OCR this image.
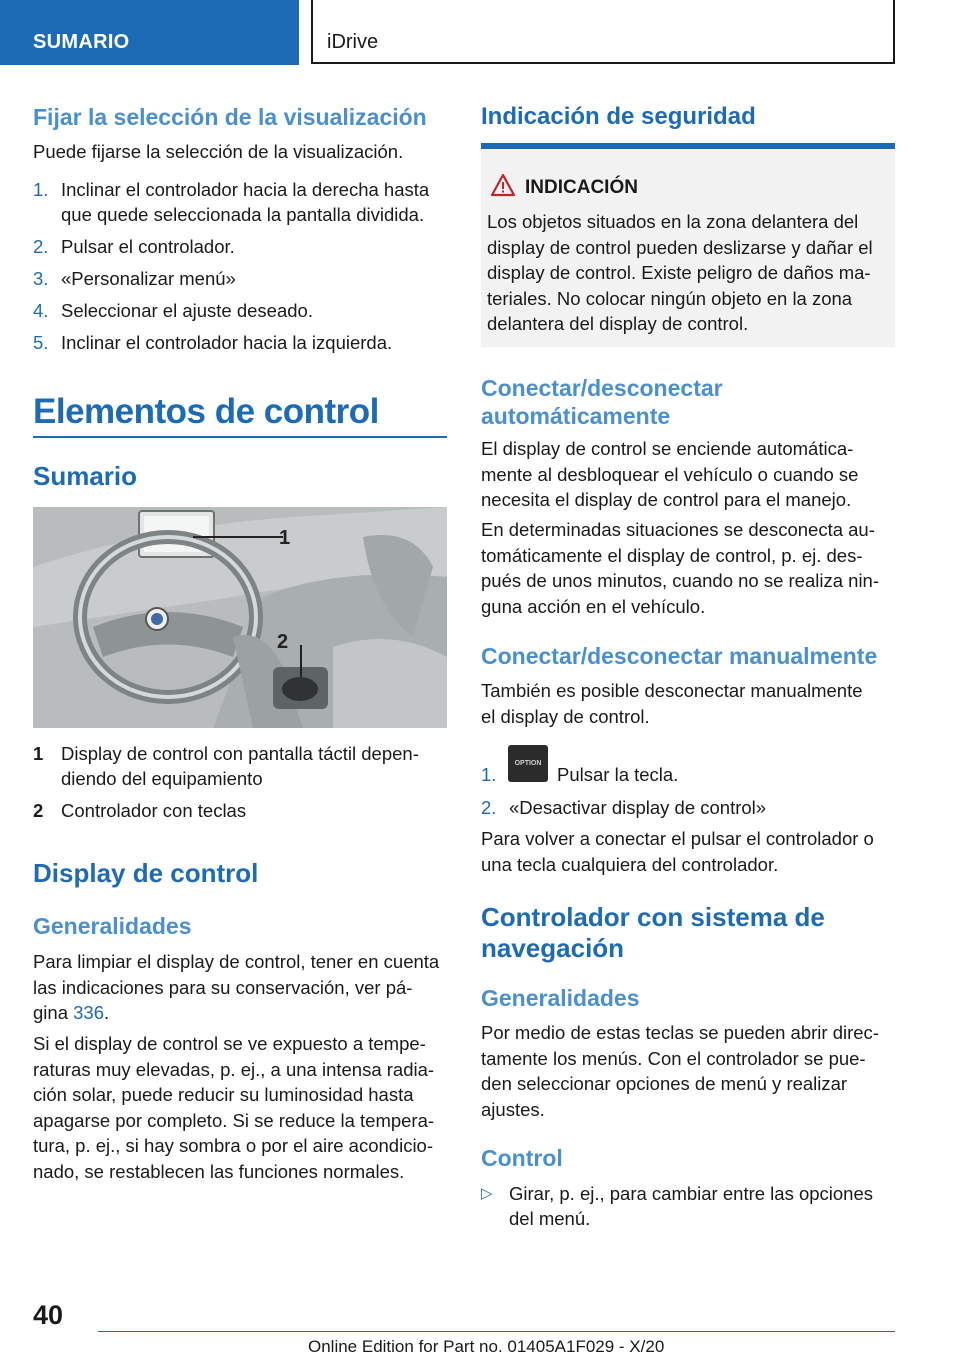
SUMARIO	iDrive
Fijar la selección de la visualización

Puede fijarse la selección de la visualización.

1. Inclinar el controlador hacia la derecha hasta
que quede seleccionada la pantalla dividida.
2. Pulsar el controlador.
3. «Personalizar menú»
4. Seleccionar el ajuste deseado.
5. Inclinar el controlador hacia la izquierda.
Elementos de control
Sumario
1
2
1 Display de control con pantalla táctil depen-
diendo del equipamiento
2 Controlador con teclas
Display de control
Generalidades

Para limpiar el display de control, tener en cuenta
las indicaciones para su conservación, ver pá-
gina 336.

Si el display de control se ve expuesto a tempe-
raturas muy elevadas, p. ej., a una intensa radia-
ción solar, puede reducir su luminosidad hasta
apagarse por completo. Si se reduce la tempera-
tura, p. ej., si hay sombra o por el aire acondicio-
nado, se restablecen las funciones normales.

Indicación de seguridad
INDICACIÓN

Los objetos situados en la zona delantera del
display de control pueden deslizarse y dañar el
display de control. Existe peligro de daños ma-
teriales. No colocar ningún objeto en la zona
delantera del display de control.

Conectar/desconectar
automáticamente

El display de control se enciende automática-
mente al desbloquear el vehículo o cuando se
necesita el display de control para el manejo.

En determinadas situaciones se desconecta au-
tomáticamente el display de control, p. ej. des-
pués de unos minutos, cuando no se realiza nin-
guna acción en el vehículo.

Conectar/desconectar manualmente

También es posible desconectar manualmente
el display de control.

1.
OPTION
Pulsar la tecla.
2. «Desactivar display de control»

Para volver a conectar el pulsar el controlador o
una tecla cualquiera del controlador.

Controlador con sistema de
navegación
Generalidades

Por medio de estas teclas se pueden abrir direc-
tamente los menús. Con el controlador se pue-
den seleccionar opciones de menú y realizar
ajustes.

Control
▷ Girar, p. ej., para cambiar entre las opciones
del menú.
40
Online Edition for Part no. 01405A1F029 - X/20
